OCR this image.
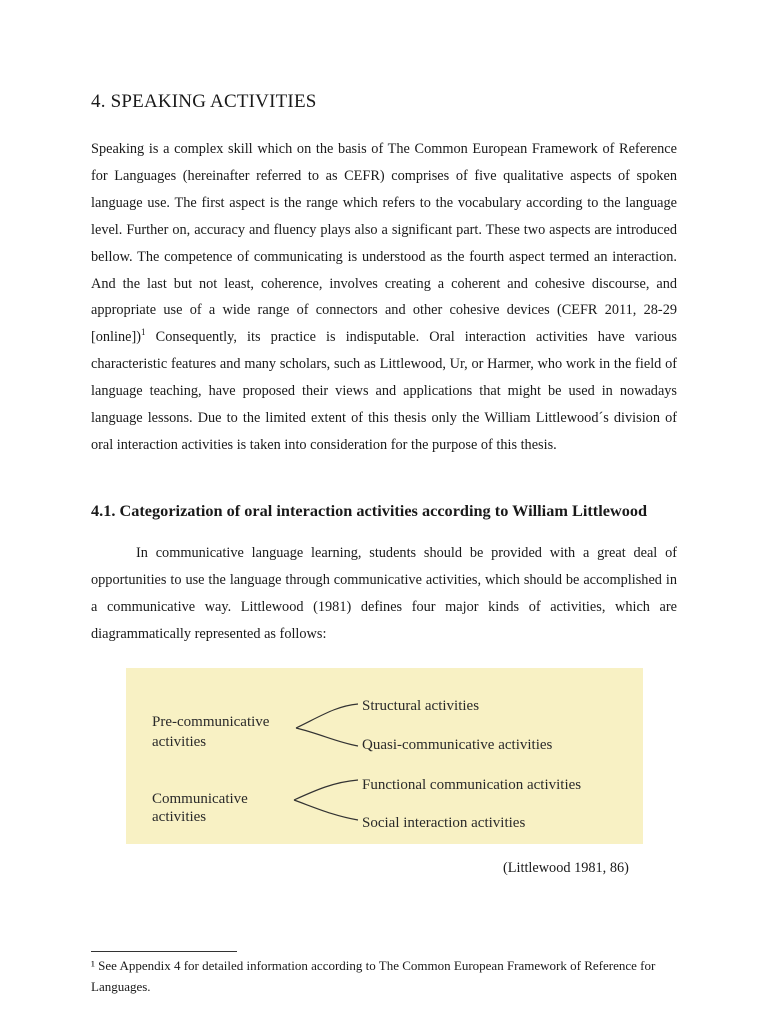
4. SPEAKING ACTIVITIES

Speaking is a complex skill which on the basis of The Common European Framework of Reference for Languages (hereinafter referred to as CEFR) comprises of five qualitative aspects of spoken language use. The first aspect is the range which refers to the vocabulary according to the language level. Further on, accuracy and fluency plays also a significant part. These two aspects are introduced bellow. The competence of communicating is understood as the fourth aspect termed an interaction. And the last but not least, coherence, involves creating a coherent and cohesive discourse, and appropriate use of a wide range of connectors and other cohesive devices (CEFR 2011, 28-29 [online])$^1$ Consequently, its practice is indisputable. Oral interaction activities have various characteristic features and many scholars, such as Littlewood, Ur, or Harmer, who work in the field of language teaching, have proposed their views and applications that might be used in nowadays language lessons. Due to the limited extent of this thesis only the William Littlewood´s division of oral interaction activities is taken into consideration for the purpose of this thesis.

4.1. Categorization of oral interaction activities according to William Littlewood

In communicative language learning, students should be provided with a great deal of opportunities to use the language through communicative activities, which should be accomplished in a communicative way. Littlewood (1981) defines four major kinds of activities, which are diagrammatically represented as follows:

Pre-communicative
activities
Structural activities
Quasi-communicative activities
Communicative
activities
Functional communication activities
Social interaction activities
(Littlewood 1981, 86)

¹ See Appendix 4 for detailed information according to The Common European Framework of Reference for Languages.
